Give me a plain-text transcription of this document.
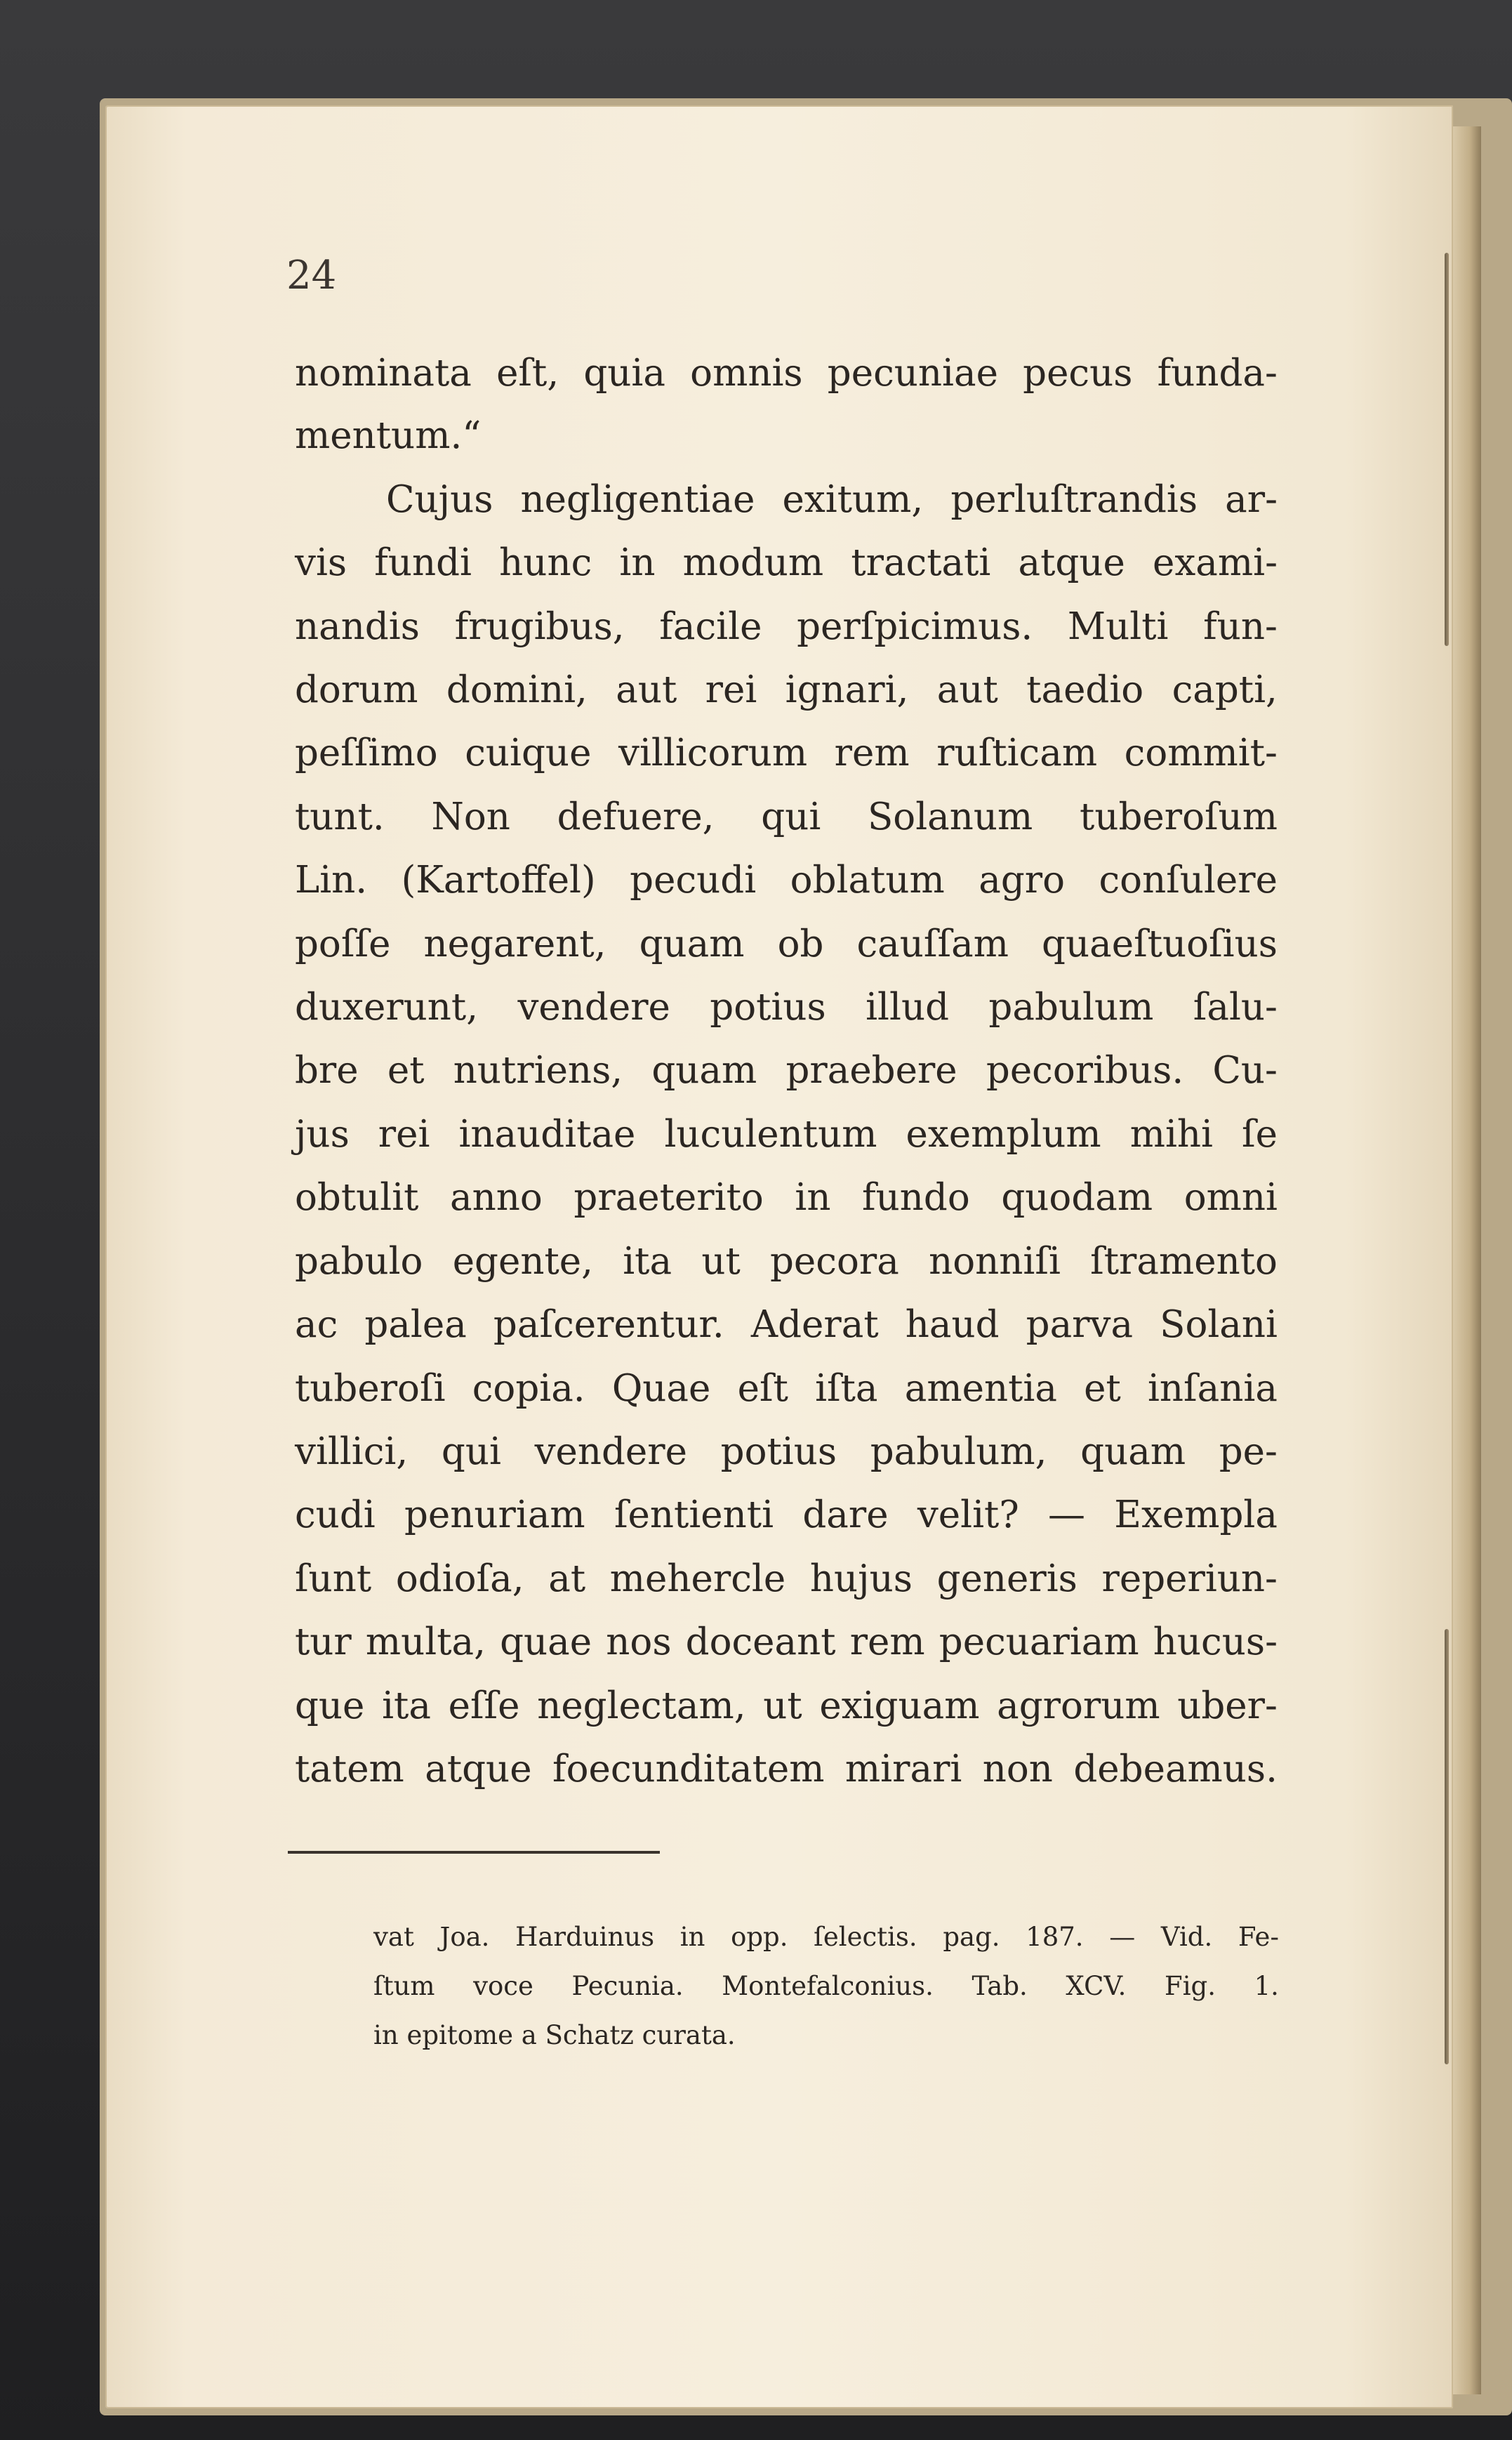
24
nominata eſt, quia omnis pecuniae pecus funda-
mentum.“
Cujus negligentiae exitum, perluſtrandis ar-
vis fundi hunc in modum tractati atque exami-
nandis frugibus, facile perſpicimus. Multi fun-
dorum domini, aut rei ignari, aut taedio capti,
peſſimo cuique villicorum rem ruſticam commit-
tunt. Non defuere, qui Solanum tuberoſum
Lin. (Kartoffel) pecudi oblatum agro conſulere
poſſe negarent, quam ob cauſſam quaeſtuoſius
duxerunt, vendere potius illud pabulum ſalu-
bre et nutriens, quam praebere pecoribus. Cu-
jus rei inauditae luculentum exemplum mihi ſe
obtulit anno praeterito in fundo quodam omni
pabulo egente, ita ut pecora nonniſi ſtramento
ac palea paſcerentur. Aderat haud parva Solani
tuberoſi copia. Quae eſt iſta amentia et inſania
villici, qui vendere potius pabulum, quam pe-
cudi penuriam ſentienti dare velit? — Exempla
ſunt odioſa, at mehercle hujus generis reperiun-
tur multa, quae nos doceant rem pecuariam hucus-
que ita eſſe neglectam, ut exiguam agrorum uber-
tatem atque foecunditatem mirari non debeamus.
vat Joa. Harduinus in opp. ſelectis. pag. 187. — Vid. Fe-
ſtum voce Pecunia. Montefalconius. Tab. XCV. Fig. 1.
in epitome a Schatz curata.
